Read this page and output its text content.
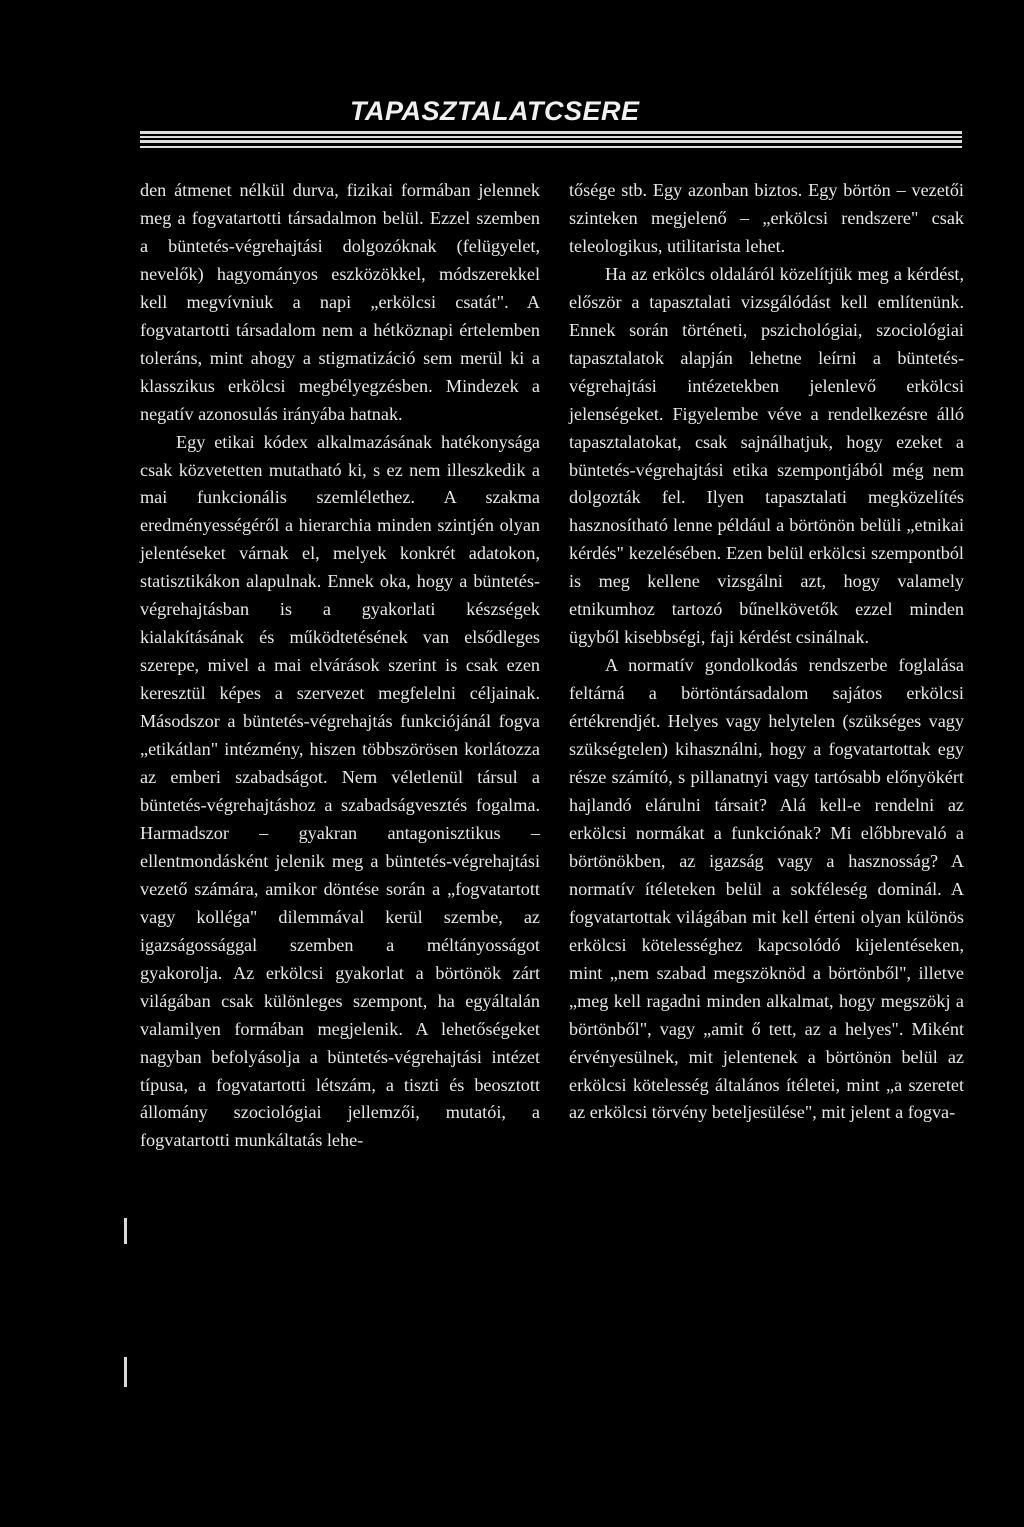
TAPASZTALATCSERE

den átmenet nélkül durva, fizikai formában jelennek meg a fogvatartotti társadalmon belül. Ezzel szemben a büntetés-végrehajtási dolgozóknak (felügyelet, nevelők) hagyományos eszközökkel, módszerekkel kell megvívniuk a napi „erkölcsi csatát". A fogvatartotti társadalom nem a hétköznapi értelemben toleráns, mint ahogy a stigmatizáció sem merül ki a klasszikus erkölcsi megbélyegzésben. Mindezek a negatív azonosulás irányába hatnak.

Egy etikai kódex alkalmazásának hatékonysága csak közvetetten mutatható ki, s ez nem illeszkedik a mai funkcionális szemlélethez. A szakma eredményességéről a hierarchia minden szintjén olyan jelentéseket várnak el, melyek konkrét adatokon, statisztikákon alapulnak. Ennek oka, hogy a büntetés-végrehajtásban is a gyakorlati készségek kialakításának és működtetésének van elsődleges szerepe, mivel a mai elvárások szerint is csak ezen keresztül képes a szervezet megfelelni céljainak. Másodszor a büntetés-végrehajtás funkciójánál fogva „etikátlan" intézmény, hiszen többszörösen korlátozza az emberi szabadságot. Nem véletlenül társul a büntetés-végrehajtáshoz a szabadságvesztés fogalma. Harmadszor – gyakran antagonisztikus – ellentmondásként jelenik meg a büntetés-végrehajtási vezető számára, amikor döntése során a „fogvatartott vagy kolléga" dilemmával kerül szembe, az igazságossággal szemben a méltányosságot gyakorolja. Az erkölcsi gyakorlat a börtönök zárt világában csak különleges szempont, ha egyáltalán valamilyen formában megjelenik. A lehetőségeket nagyban befolyásolja a büntetés-végrehajtási intézet típusa, a fogvatartotti létszám, a tiszti és beosztott állomány szociológiai jellemzői, mutatói, a fogvatartotti munkáltatás lehe-

tősége stb. Egy azonban biztos. Egy börtön – vezetői szinteken megjelenő – „erkölcsi rendszere" csak teleologikus, utilitarista lehet.

Ha az erkölcs oldaláról közelítjük meg a kérdést, először a tapasztalati vizsgálódást kell említenünk. Ennek során történeti, pszichológiai, szociológiai tapasztalatok alapján lehetne leírni a büntetés-végrehajtási intézetekben jelenlevő erkölcsi jelenségeket. Figyelembe véve a rendelkezésre álló tapasztalatokat, csak sajnálhatjuk, hogy ezeket a büntetés-végrehajtási etika szempontjából még nem dolgozták fel. Ilyen tapasztalati megközelítés hasznosítható lenne például a börtönön belüli „etnikai kérdés" kezelésében. Ezen belül erkölcsi szempontból is meg kellene vizsgálni azt, hogy valamely etnikumhoz tartozó bűnelkövetők ezzel minden ügyből kisebbségi, faji kérdést csinálnak.

A normatív gondolkodás rendszerbe foglalása feltárná a börtöntársadalom sajátos erkölcsi értékrendjét. Helyes vagy helytelen (szükséges vagy szükségtelen) kihasználni, hogy a fogvatartottak egy része számító, s pillanatnyi vagy tartósabb előnyökért hajlandó elárulni társait? Alá kell-e rendelni az erkölcsi normákat a funkciónak? Mi előbbrevaló a börtönökben, az igazság vagy a hasznosság? A normatív ítéleteken belül a sokféleség dominál. A fogvatartottak világában mit kell érteni olyan különös erkölcsi kötelességhez kapcsolódó kijelentéseken, mint „nem szabad megszöknöd a börtönből", illetve „meg kell ragadni minden alkalmat, hogy megszökj a börtönből", vagy „amit ő tett, az a helyes". Miként érvényesülnek, mit jelentenek a börtönön belül az erkölcsi kötelesség általános ítéletei, mint „a szeretet az erkölcsi törvény beteljesülése", mit jelent a fogva-
